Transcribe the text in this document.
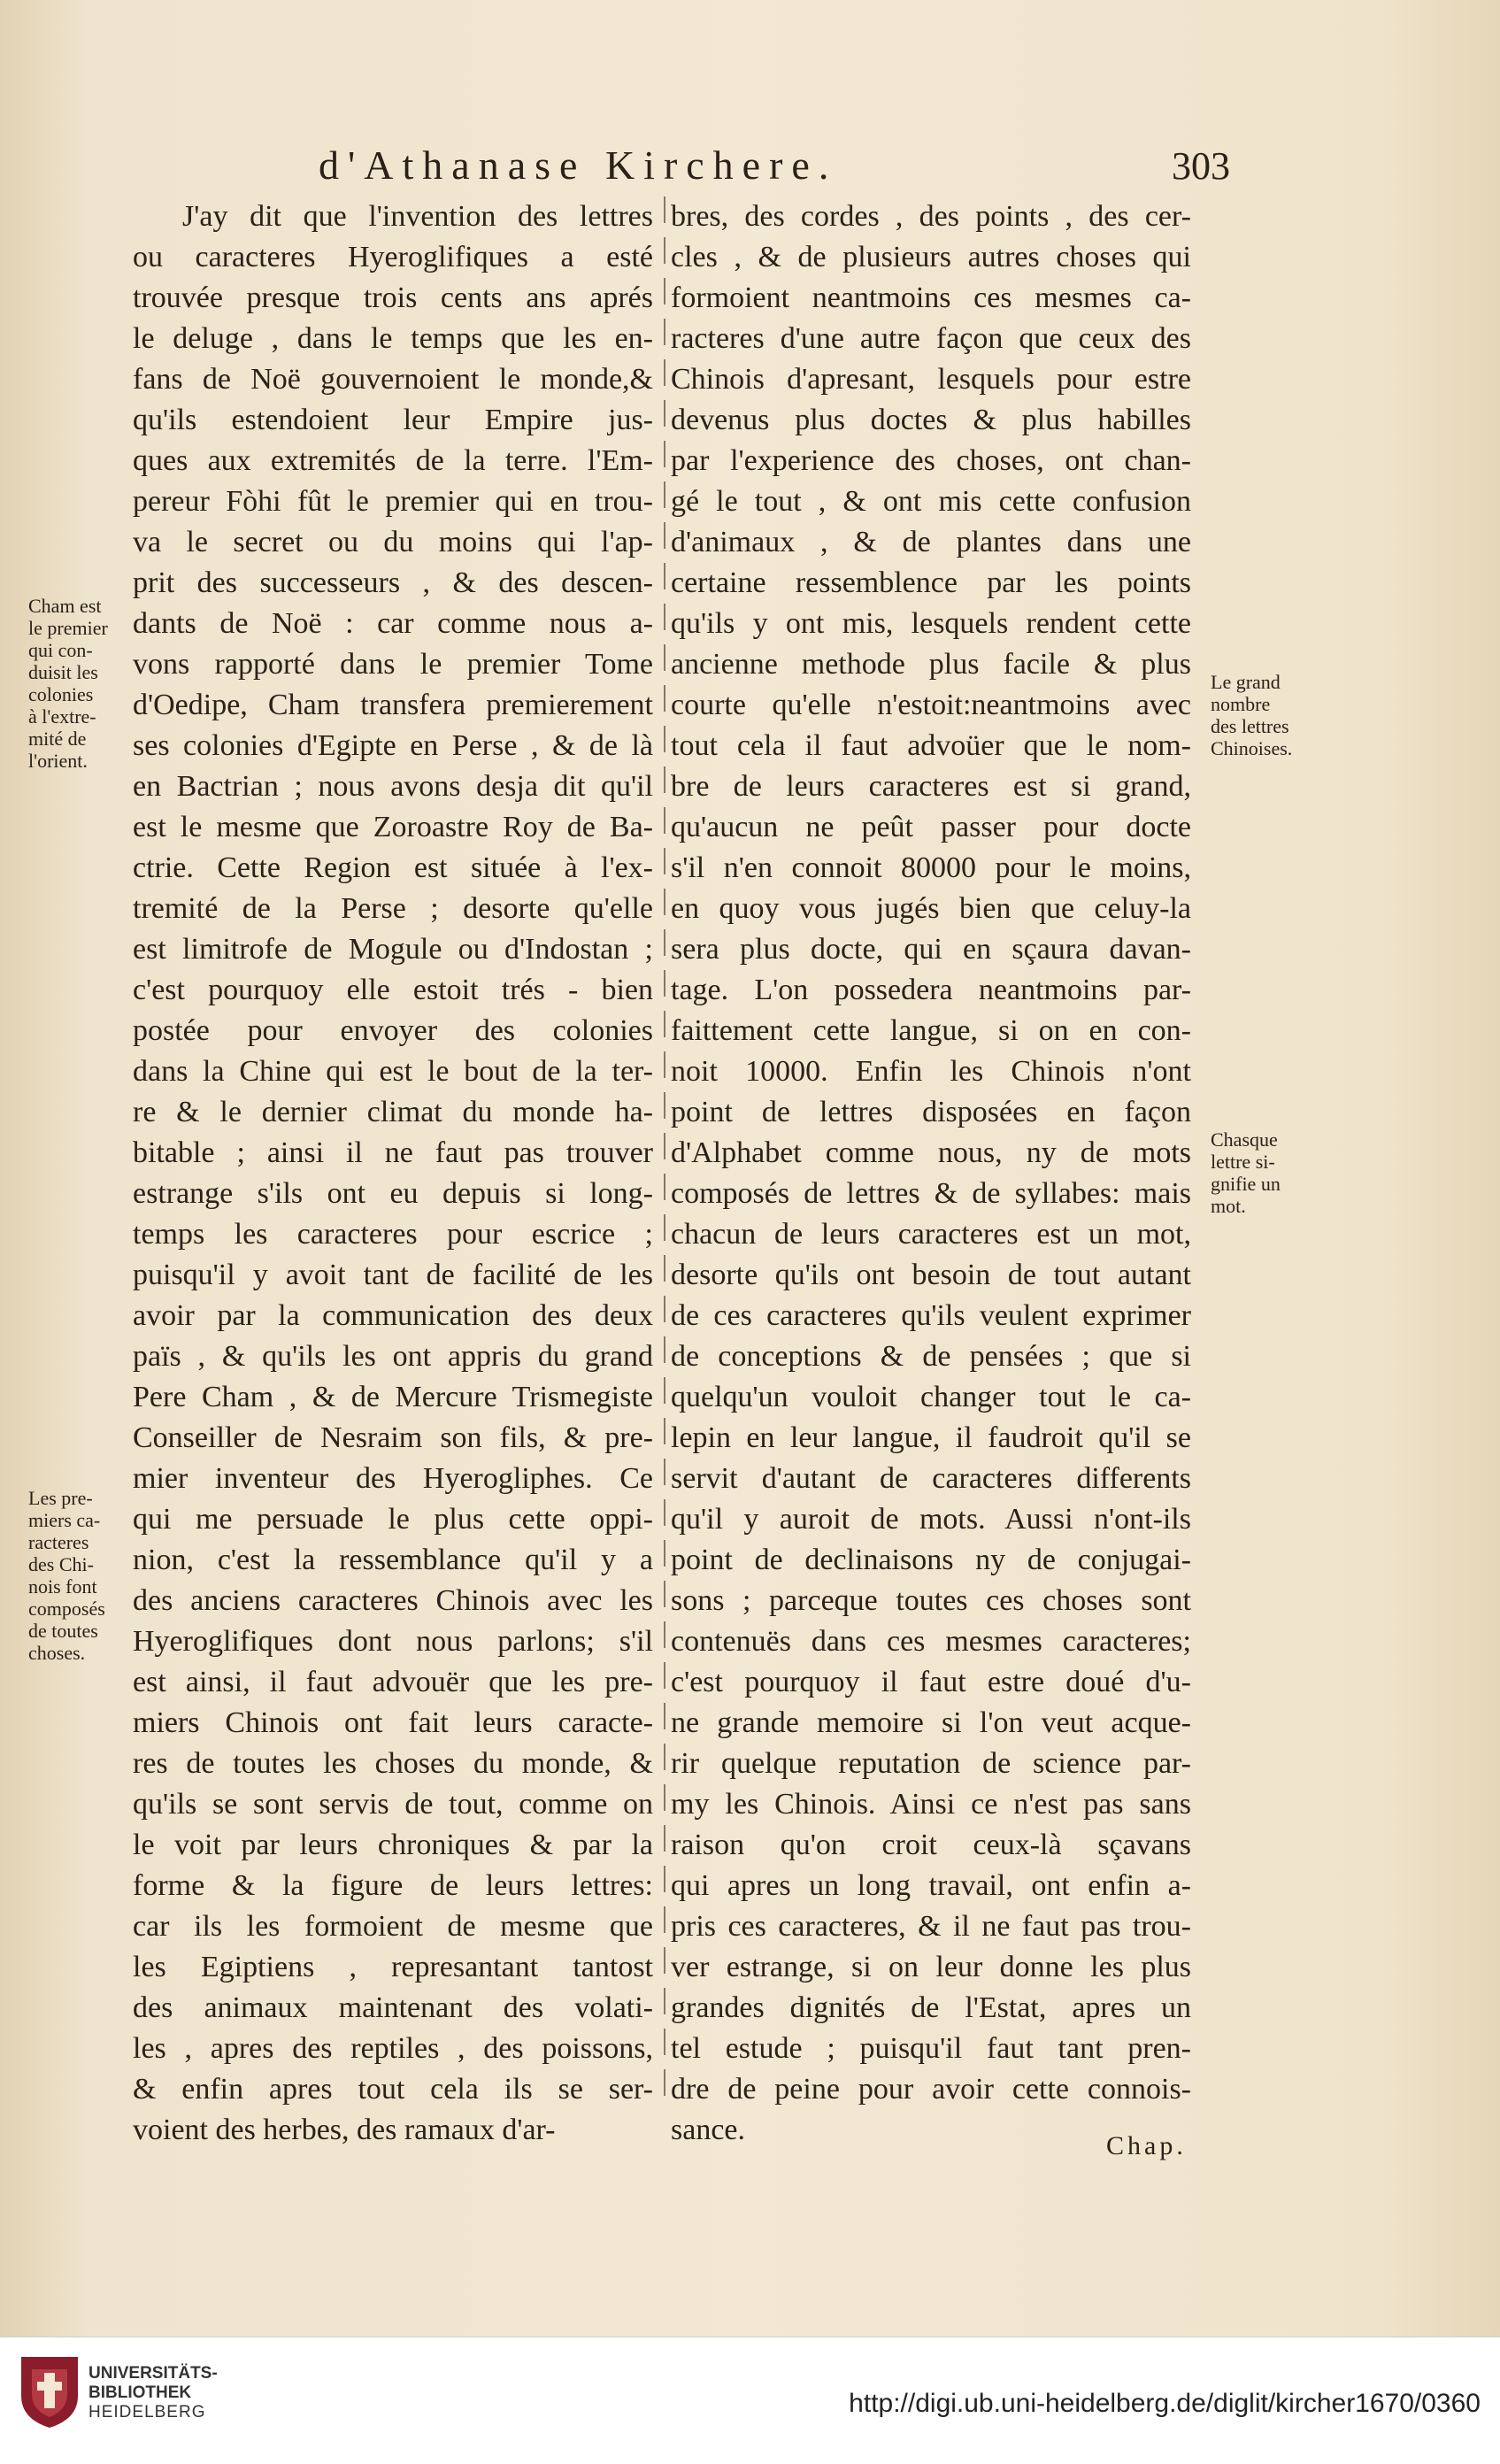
d'Athanase Kirchere.	303
J'ay dit que l'invention des lettres
ou caracteres Hyeroglifiques a esté
trouvée presque trois cents ans aprés
le deluge , dans le temps que les en-
fans de Noë gouvernoient le monde,&
qu'ils estendoient leur Empire jus-
ques aux extremités de la terre. l'Em-
pereur Fòhi fût le premier qui en trou-
va le secret ou du moins qui l'ap-
prit des successeurs , & des descen-
dants de Noë : car comme nous a-
vons rapporté dans le premier Tome
d'Oedipe, Cham transfera premierement
ses colonies d'Egipte en Perse , & de là
en Bactrian ; nous avons desja dit qu'il
est le mesme que Zoroastre Roy de Ba-
ctrie. Cette Region est située à l'ex-
tremité de la Perse ; desorte qu'elle
est limitrofe de Mogule ou d'Indostan ;
c'est pourquoy elle estoit trés - bien
postée pour envoyer des colonies
dans la Chine qui est le bout de la ter-
re & le dernier climat du monde ha-
bitable ; ainsi il ne faut pas trouver
estrange s'ils ont eu depuis si long-
temps les caracteres pour escrice ;
puisqu'il y avoit tant de facilité de les
avoir par la communication des deux
païs , & qu'ils les ont appris du grand
Pere Cham , & de Mercure Trismegiste
Conseiller de Nesraim son fils, & pre-
mier inventeur des Hyerogliphes. Ce
qui me persuade le plus cette oppi-
nion, c'est la ressemblance qu'il y a
des anciens caracteres Chinois avec les
Hyeroglifiques dont nous parlons; s'il
est ainsi, il faut advouër que les pre-
miers Chinois ont fait leurs caracte-
res de toutes les choses du monde, &
qu'ils se sont servis de tout, comme on
le voit par leurs chroniques & par la
forme & la figure de leurs lettres:
car ils les formoient de mesme que
les Egiptiens , represantant tantost
des animaux maintenant des volati-
les , apres des reptiles , des poissons,
& enfin apres tout cela ils se ser-
voient des herbes, des ramaux d'ar-
bres, des cordes , des points , des cer-
cles , & de plusieurs autres choses qui
formoient neantmoins ces mesmes ca-
racteres d'une autre façon que ceux des
Chinois d'apresant, lesquels pour estre
devenus plus doctes & plus habilles
par l'experience des choses, ont chan-
gé le tout , & ont mis cette confusion
d'animaux , & de plantes dans une
certaine ressemblence par les points
qu'ils y ont mis, lesquels rendent cette
ancienne methode plus facile & plus
courte qu'elle n'estoit:neantmoins avec
tout cela il faut advoüer que le nom-
bre de leurs caracteres est si grand,
qu'aucun ne peût passer pour docte
s'il n'en connoit 80000 pour le moins,
en quoy vous jugés bien que celuy-la
sera plus docte, qui en sçaura davan-
tage. L'on possedera neantmoins par-
faittement cette langue, si on en con-
noit 10000. Enfin les Chinois n'ont
point de lettres disposées en façon
d'Alphabet comme nous, ny de mots
composés de lettres & de syllabes: mais
chacun de leurs caracteres est un mot,
desorte qu'ils ont besoin de tout autant
de ces caracteres qu'ils veulent exprimer
de conceptions & de pensées ; que si
quelqu'un vouloit changer tout le ca-
lepin en leur langue, il faudroit qu'il se
servit d'autant de caracteres differents
qu'il y auroit de mots. Aussi n'ont-ils
point de declinaisons ny de conjugai-
sons ; parceque toutes ces choses sont
contenuës dans ces mesmes caracteres;
c'est pourquoy il faut estre doué d'u-
ne grande memoire si l'on veut acque-
rir quelque reputation de science par-
my les Chinois. Ainsi ce n'est pas sans
raison qu'on croit ceux-là sçavans
qui apres un long travail, ont enfin a-
pris ces caracteres, & il ne faut pas trou-
ver estrange, si on leur donne les plus
grandes dignités de l'Estat, apres un
tel estude ; puisqu'il faut tant pren-
dre de peine pour avoir cette connois-
sance.
Cham est
le premier
qui con-
duisit les
colonies
à l'extre-
mité de
l'orient.
Les pre-
miers ca-
racteres
des Chi-
nois font
composés
de toutes
choses.
Le grand
nombre
des lettres
Chinoises.
Chasque
lettre si-
gnifie un
mot.
Chap.
UNIVERSITÄTS-
BIBLIOTHEK
HEIDELBERG	http://digi.ub.uni-heidelberg.de/diglit/kircher1670/0360
